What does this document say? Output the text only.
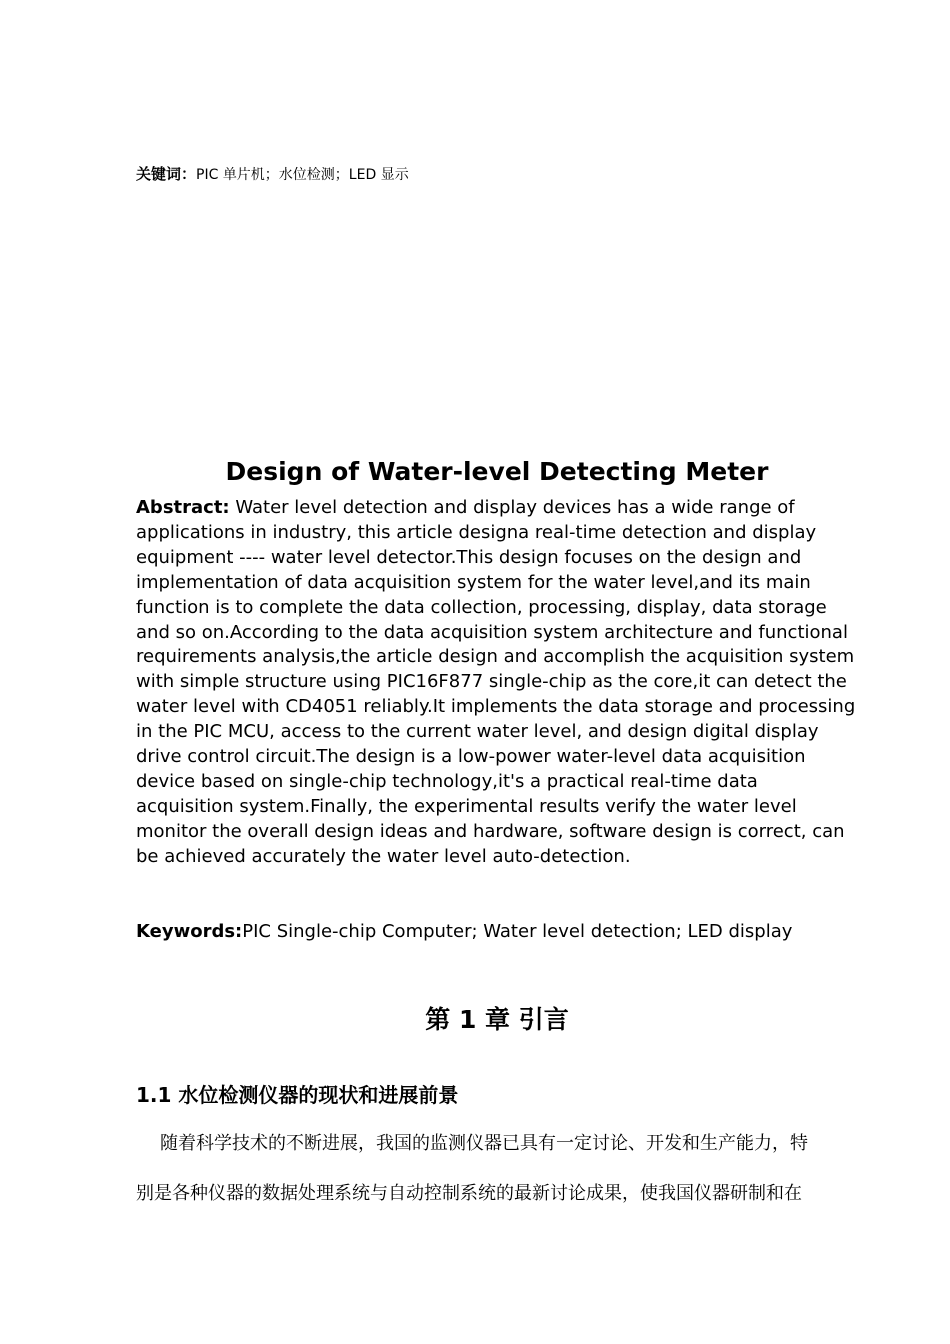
关键词：PIC 单片机；水位检测；LED 显示
Design of Water-level Detecting Meter

Abstract: Water level detection and display devices has a wide range of applications in industry, this article designa real-time detection and display equipment ---- water level detector.This design focuses on the design and implementation of data acquisition system for the water level,and its main function is to complete the data collection, processing, display, data storage and so on.According to the data acquisition system architecture and functional requirements analysis,the article design and accomplish the acquisition system with simple structure using PIC16F877 single-chip as the core,it can detect the water level with CD4051 reliably.It implements the data storage and processing in the PIC MCU, access to the current water level, and design digital display drive control circuit.The design is a low-power water-level data acquisition device based on single-chip technology,it's a practical real-time data acquisition system.Finally, the experimental results verify the water level monitor the overall design ideas and hardware, software design is correct, can be achieved accurately the water level auto-detection.

Keywords:PIC Single-chip Computer; Water level detection; LED display

第 1 章 引言
1.1 水位检测仪器的现状和进展前景

随着科学技术的不断进展，我国的监测仪器已具有一定讨论、开发和生产能力，特

别是各种仪器的数据处理系统与自动控制系统的最新讨论成果，使我国仪器研制和在
